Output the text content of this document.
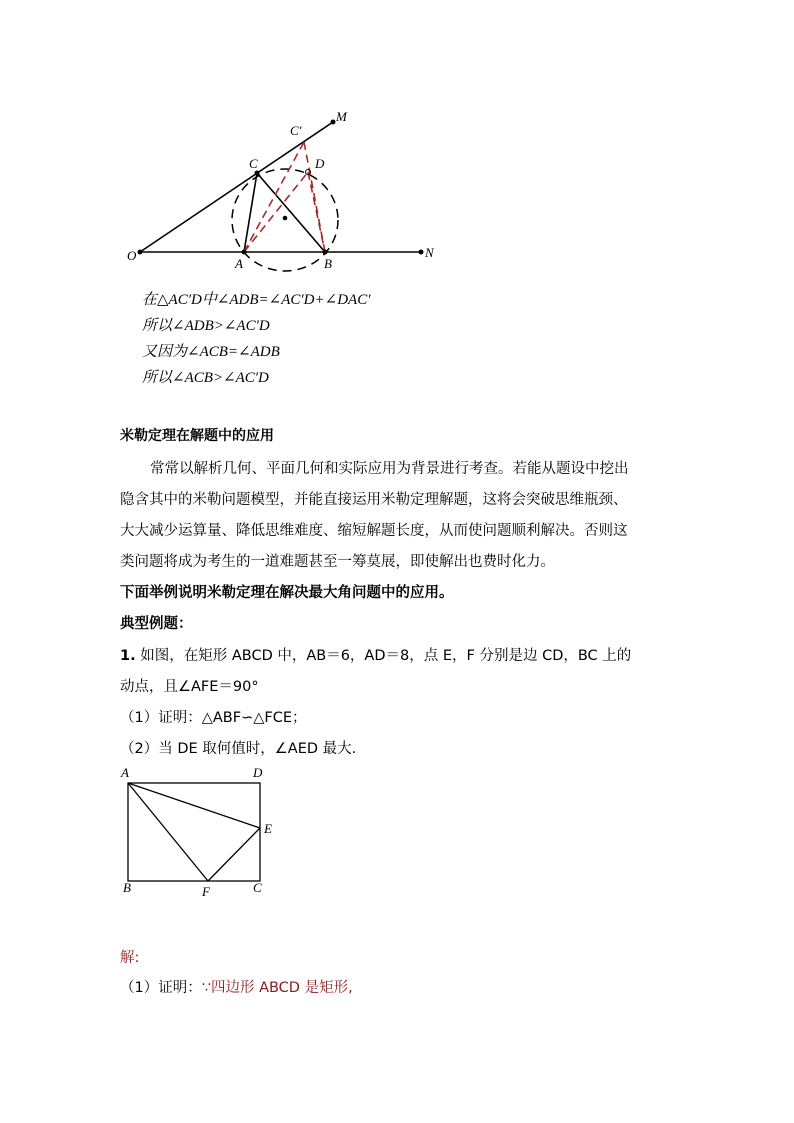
O
A	B
N
C
C'
D
M
在△AC′D中∠ADB=∠AC′D+∠DAC′
所以∠ADB>∠AC′D
又因为∠ACB=∠ADB
所以∠ACB>∠AC′D
米勒定理在解题中的应用
常常以解析几何、平面几何和实际应用为背景进行考查。若能从题设中挖出
隐含其中的米勒问题模型，并能直接运用米勒定理解题，这将会突破思维瓶颈、
大大减少运算量、降低思维难度、缩短解题长度，从而使问题顺利解决。否则这
类问题将成为考生的一道难题甚至一筹莫展，即使解出也费时化力。
下面举例说明米勒定理在解决最大角问题中的应用。
典型例题：
1. 如图，在矩形 ABCD 中，AB＝6，AD＝8，点 E，F 分别是边 CD，BC 上的
动点，且∠AFE＝90°
（1）证明：△ABF∽△FCE；
（2）当 DE 取何值时，∠AED 最大.
A	D
E
B	F	C
解:
（1）证明：∵四边形 ABCD 是矩形,
